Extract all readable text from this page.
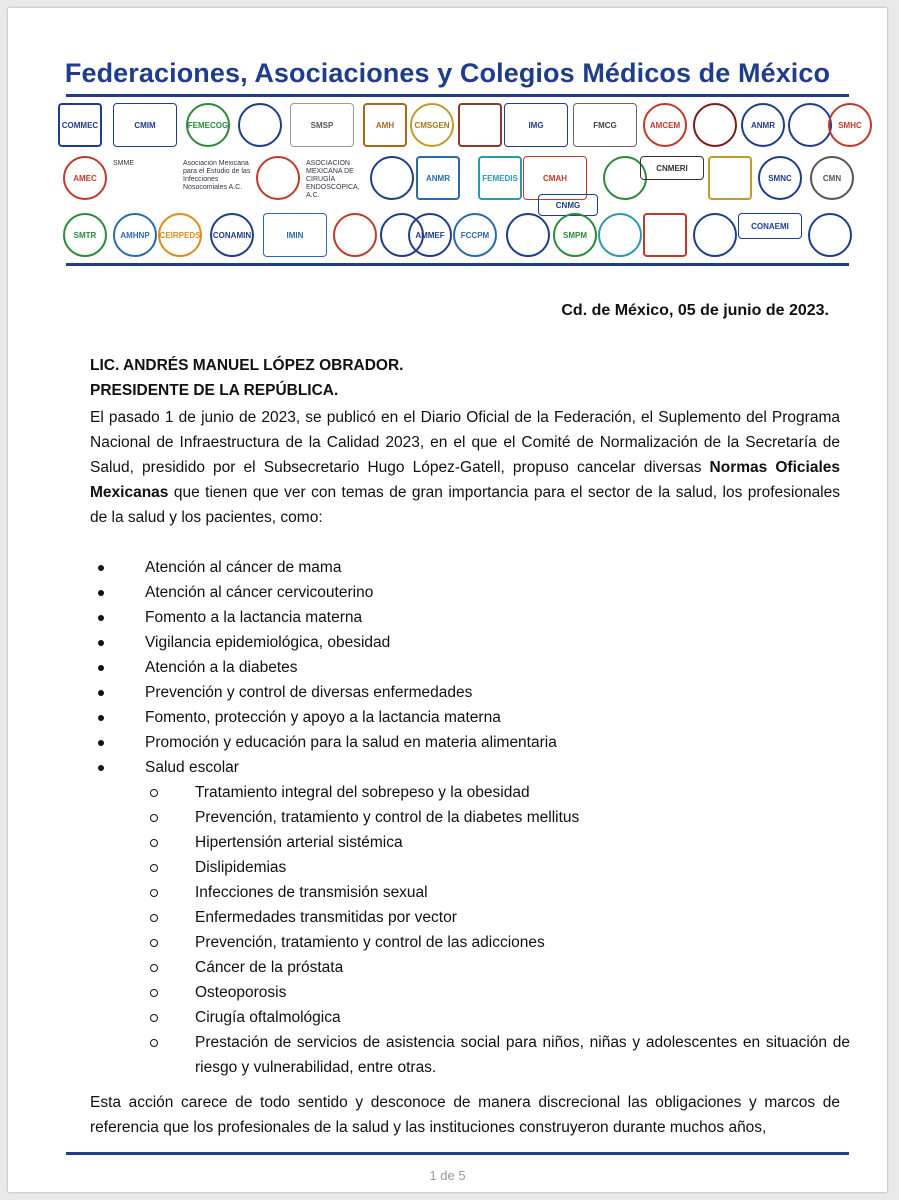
Federaciones, Asociaciones y Colegios Médicos de México
COMMEC	CMIM	FEMECOG	SMSP	AMH	CMSGEN	IMG	FMCG	AMCEM	ANMR	SMHC
AMEC
SMME	Asociación Mexicana para el Estudio de las Infecciones Nosocomiales A.C.
ASOCIACIÓN MEXICANA DE CIRUGÍA ENDOSCÓPICA, A.C.
ANMR	FEMEDIS	CMAH
CNMG
CNMERI
SMNC	CMN
SMTR	AMHNP CEIRPEDS CONAMIN	IMIN	AMMEF FCCPM	SMPM
CONAEMI
Cd. de México, 05 de junio de 2023.
LIC. ANDRÉS MANUEL LÓPEZ OBRADOR.
PRESIDENTE DE LA REPÚBLICA.
El pasado 1 de junio de 2023, se publicó en el Diario Oficial de la Federación, el Suplemento del Programa Nacional de Infraestructura de la Calidad 2023, en el que el Comité de Normalización de la Secretaría de Salud, presidido por el Subsecretario Hugo López-Gatell, propuso cancelar diversas Normas Oficiales Mexicanas que tienen que ver con temas de gran importancia para el sector de la salud, los profesionales de la salud y los pacientes, como:
Atención al cáncer de mama
Atención al cáncer cervicouterino
Fomento a la lactancia materna
Vigilancia epidemiológica, obesidad
Atención a la diabetes
Prevención y control de diversas enfermedades
Fomento, protección y apoyo a la lactancia materna
Promoción y educación para la salud en materia alimentaria
Salud escolar
Tratamiento integral del sobrepeso y la obesidad
Prevención, tratamiento y control de la diabetes mellitus
Hipertensión arterial sistémica
Dislipidemias
Infecciones de transmisión sexual
Enfermedades transmitidas por vector
Prevención, tratamiento y control de las adicciones
Cáncer de la próstata
Osteoporosis
Cirugía oftalmológica
Prestación de servicios de asistencia social para niños, niñas y adolescentes en situación de riesgo y vulnerabilidad, entre otras.
Esta acción carece de todo sentido y desconoce de manera discrecional las obligaciones y marcos de referencia que los profesionales de la salud y las instituciones construyeron durante muchos años,
1 de 5
